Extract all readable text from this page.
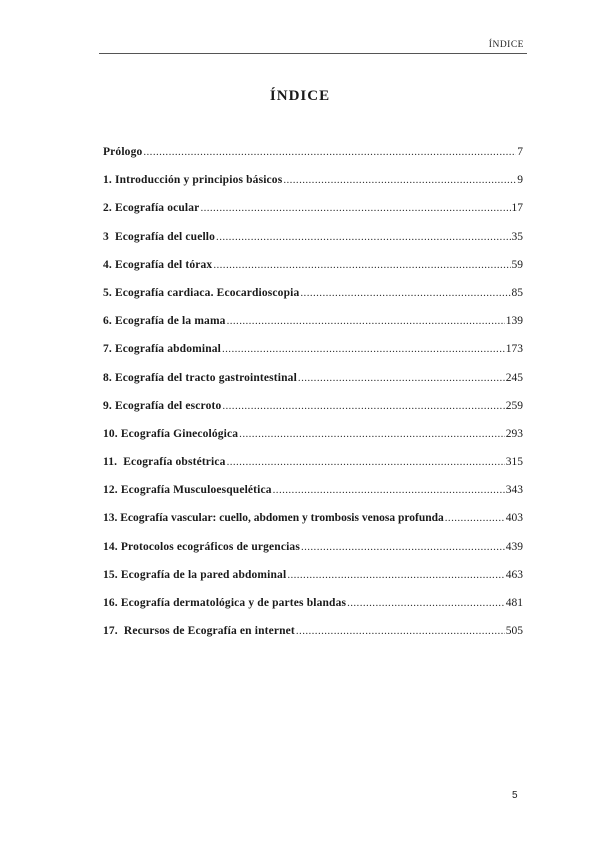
ÍNDICE
ÍNDICE
Prólogo .....	7
1. Introducción y principios básicos .....	9
2. Ecografía ocular .....	17
3  Ecografía del cuello .....	35
4. Ecografía del tórax .....	59
5. Ecografía cardiaca. Ecocardioscopia .....	85
6. Ecografía de la mama .....	139
7. Ecografía abdominal .....	173
8. Ecografía del tracto gastrointestinal .....	245
9. Ecografía del escroto .....	259
10. Ecografía Ginecológica .....	293
11.  Ecografía obstétrica .....	315
12. Ecografía Musculoesquelética .....	343
13. Ecografía vascular: cuello, abdomen y trombosis venosa profunda .....	403
14. Protocolos ecográficos de urgencias .....	439
15. Ecografía de la pared abdominal .....	463
16. Ecografía dermatológica y de partes blandas .....	481
17.  Recursos de Ecografía en internet .....	505
5
